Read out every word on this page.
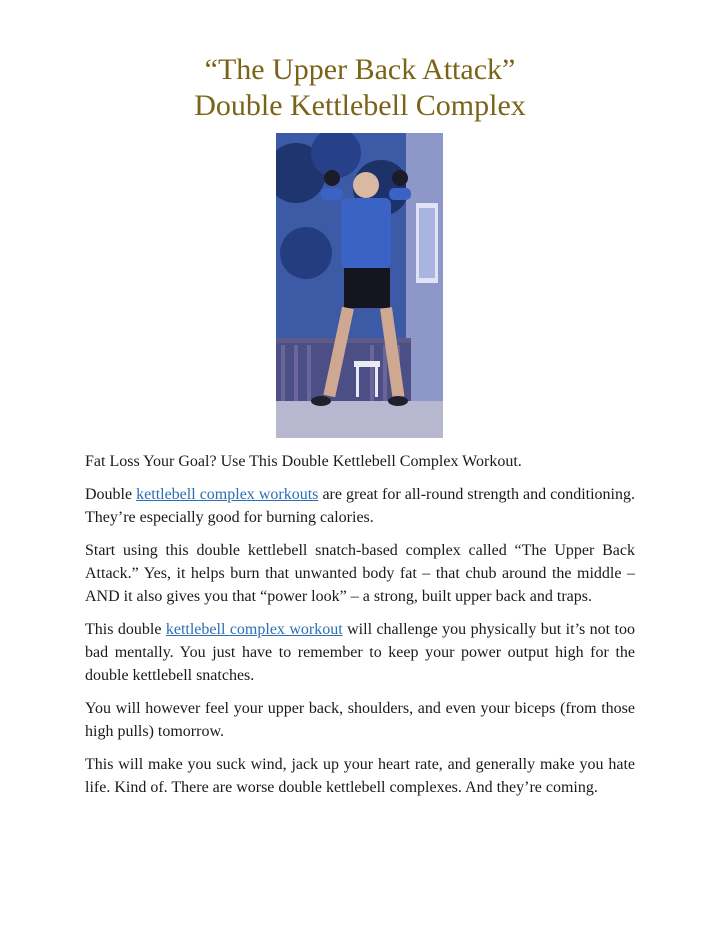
“The Upper Back Attack”
Double Kettlebell Complex

Fat Loss Your Goal? Use This Double Kettlebell Complex Workout.

Double kettlebell complex workouts are great for all-round strength and conditioning. They’re especially good for burning calories.

Start using this double kettlebell snatch-based complex called “The Upper Back Attack.” Yes, it helps burn that unwanted body fat – that chub around the middle – AND it also gives you that “power look” – a strong, built upper back and traps.

This double kettlebell complex workout will challenge you physically but it’s not too bad mentally. You just have to remember to keep your power output high for the double kettlebell snatches.

You will however feel your upper back, shoulders, and even your biceps (from those high pulls) tomorrow.

This will make you suck wind, jack up your heart rate, and generally make you hate life. Kind of. There are worse double kettlebell complexes. And they’re coming.
